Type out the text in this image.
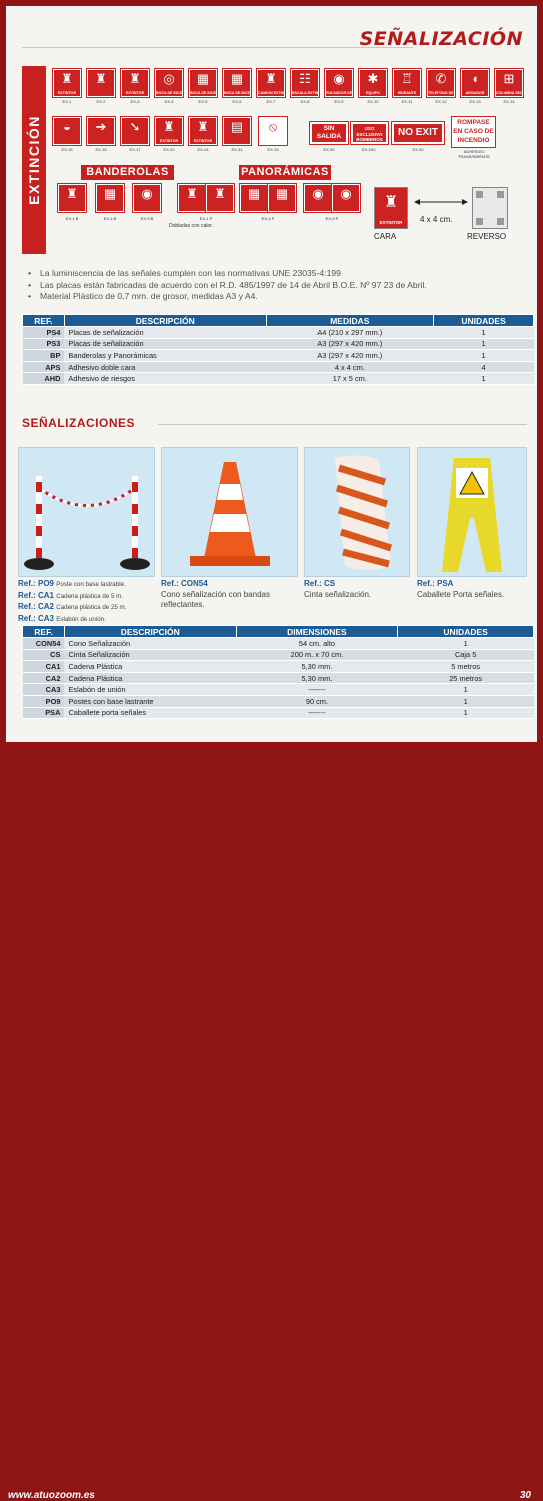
SEÑALIZACIÓN
EXTINCIÓN
♜
EXTINTOR
♜	♜
EXTINTOR
◎
BOCA DE INCE
▦
BOCA DE INCE
▦
BOCA DE INCE
♜
CAMIÓN EXTIN
☷
ESCALA EXTIN
◉
PULSADOR DE
✱
EQUIPO
♖
HIDRANTE
✆
TELÉFONO DE
◖
AVISADOR
⊞
COLUMNA SE
EX-1	EX-2	EX-3	EX-4	EX-5	EX-6	EX-7	EX-8	EX-9	EX-10	EX-11	EX-12	EX-13	EX-14
◒	➔	➘	♜
EXTINTOR
♜
EXTINTOR
▤	⦸
EX-15	EX-16	EX-17	EX-20	EX-24	EX-31	EX-13
SIN SALIDA
USO EXCLUSIVO BOMBEROS
NO EXIT
ROMPASE EN CASO DE INCENDIO
EX-30	EX-19C	EX-32	ADHESIVO TRANSPARENTE
BANDEROLAS	PANORÁMICAS
♜	▦	◉	♜	♜	▦	▦	◉	◉
EX-1 B	EX-4 B	EX-9 B	EX-1 P	EX-4 P	EX-9 P
Dobladas con calor.
♜
EXTINTOR	4 x 4 cm.
CARA	REVERSO
• La luminiscencia de las señales cumplen con las normativas UNE 23035-4:199
• Las placas están fabricadas de acuerdo con el R.D. 485/1997 de 14 de Abril B.O.E. Nº 97 23 de Abril.
• Material Plástico de 0,7 mm. de grosor, medidas A3 y A4.
REF.	DESCRIPCIÓN	MEDIDAS	UNIDADES
PS4	Placas de señalización	A4 (210 x 297 mm.)	1
PS3	Placas de señalización	A3 (297 x 420 mm.)	1
BP	Banderolas y Panorámicas	A3 (297 x 420 mm.)	1
APS	Adhesivo doble cara	4 x 4 cm.	4
AHD	Adhesivo de riesgos	17 x 5 cm.	1
SEÑALIZACIONES
Ref.: PO9 Poste con base lastrable.
Ref.: CA1 Cadena plástica de 5 m.
Ref.: CA2 Cadena plástica de 25 m.
Ref.: CA3 Eslabón de unión.
Ref.: CON54
Cono señalización con bandas reflectantes.
Ref.: CS
Cinta señalización.
Ref.: PSA
Caballete Porta señales.
REF.	DESCRIPCIÓN	DIMENSIONES	UNIDADES
CON54	Cono Señalización	54 cm. alto	1
CS	Cinta Señalización	200 m. x 70 cm.	Caja 5
CA1	Cadena Plástica	5,30 mm.	5 metros
CA2	Cadena Plástica	5,30 mm.	25 metros
CA3	Eslabón de unión	-------	1
PO9	Postes con base lastrante	90 cm.	1
PSA	Caballete porta señales	-------	1
